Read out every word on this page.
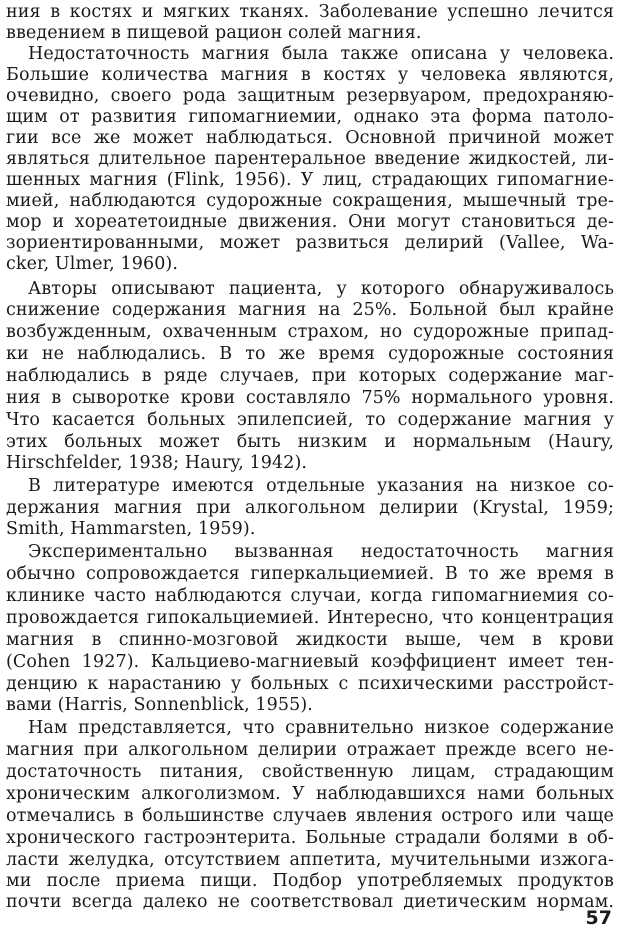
ния в костях и мягких тканях. Заболевание успешно лечится
введением в пищевой рацион солей магния.
Недостаточность магния была также описана у человека.
Большие количества магния в костях у человека являются,
очевидно, своего рода защитным резервуаром, предохраняю-
щим от развития гипомагниемии, однако эта форма патоло-
гии все же может наблюдаться. Основной причиной может
являться длительное парентеральное введение жидкостей, ли-
шенных магния (Flink, 1956). У лиц, страдающих гипомагние-
мией, наблюдаются судорожные сокращения, мышечный тре-
мор и хореатетоидные движения. Они могут становиться де-
зориентированными, может развиться делирий (Vallee, Wa-
cker, Ulmer, 1960).
Авторы описывают пациента, у которого обнаруживалось
снижение содержания магния на 25%. Больной был крайне
возбужденным, охваченным страхом, но судорожные припад-
ки не наблюдались. В то же время судорожные состояния
наблюдались в ряде случаев, при которых содержание маг-
ния в сыворотке крови составляло 75% нормального уровня.
Что касается больных эпилепсией, то содержание магния у
этих больных может быть низким и нормальным (Haury,
Hirschfelder, 1938; Haury, 1942).
В литературе имеются отдельные указания на низкое со-
держания магния при алкогольном делирии (Krystal, 1959;
Smith, Hammarsten, 1959).
Экспериментально вызванная недостаточность магния
обычно сопровождается гиперкальциемией. В то же время в
клинике часто наблюдаются случаи, когда гипомагниемия со-
провождается гипокальциемией. Интересно, что концентрация
магния в спинно-мозговой жидкости выше, чем в крови
(Cohen 1927). Кальциево-магниевый коэффициент имеет тен-
денцию к нарастанию у больных с психическими расстройст-
вами (Harris, Sonnenblick, 1955).
Нам представляется, что сравнительно низкое содержание
магния при алкогольном делирии отражает прежде всего не-
достаточность питания, свойственную лицам, страдающим
хроническим алкоголизмом. У наблюдавшихся нами больных
отмечались в большинстве случаев явления острого или чаще
хронического гастроэнтерита. Больные страдали болями в об-
ласти желудка, отсутствием аппетита, мучительными изжога-
ми после приема пищи. Подбор употребляемых продуктов
почти всегда далеко не соответствовал диетическим нормам.
57
